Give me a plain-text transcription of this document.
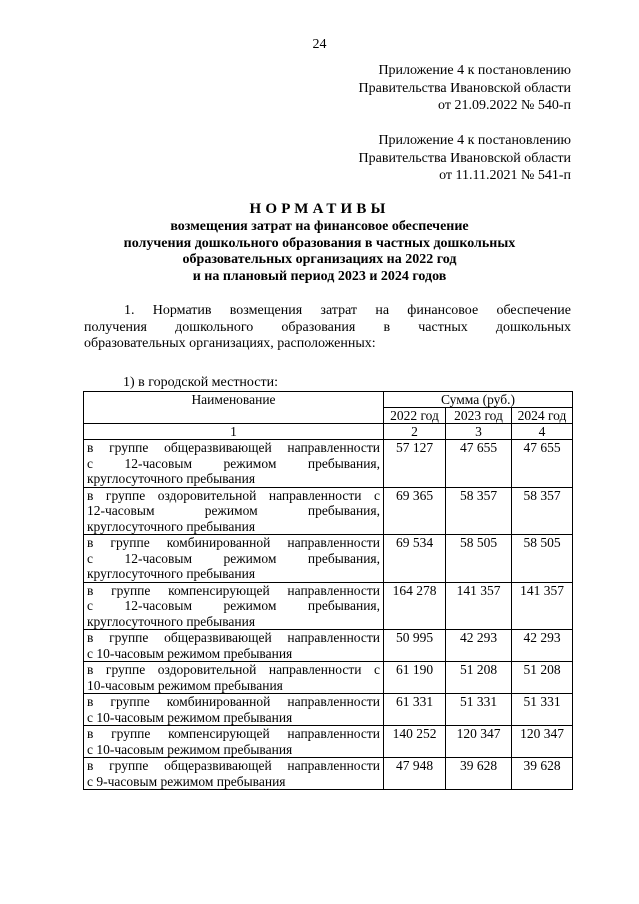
24
Приложение 4 к постановлению
Правительства Ивановской области
от 21.09.2022 № 540-п
Приложение 4 к постановлению
Правительства Ивановской области
от 11.11.2021 № 541-п
НОРМАТИВЫ
возмещения затрат на финансовое обеспечение
получения дошкольного образования в частных дошкольных
образовательных организациях на 2022 год
и на плановый период 2023 и 2024 годов
1. Норматив возмещения затрат на финансовое обеспечение
получения дошкольного образования в частных дошкольных
образовательных организациях, расположенных:
1) в городской местности:
Наименование	Сумма (руб.)		
	2022 год	2023 год	2024 год
1	2	3	4

в группе общеразвивающей направленности
с 12-часовым режимом пребывания,
круглосуточного пребывания	57 127	47 655	47 655

в группе оздоровительной направленности с
12-часовым режимом пребывания,
круглосуточного пребывания	69 365	58 357	58 357

в группе комбинированной направленности
с 12-часовым режимом пребывания,
круглосуточного пребывания	69 534	58 505	58 505

в группе компенсирующей направленности
с 12-часовым режимом пребывания,
круглосуточного пребывания	164 278	141 357	141 357

в группе общеразвивающей направленности
с 10-часовым режимом пребывания	50 995	42 293	42 293

в группе оздоровительной направленности с
10-часовым режимом пребывания	61 190	51 208	51 208

в группе комбинированной направленности
с 10-часовым режимом пребывания	61 331	51 331	51 331

в группе компенсирующей направленности
с 10-часовым режимом пребывания	140 252	120 347	120 347

в группе общеразвивающей направленности
с 9-часовым режимом пребывания	47 948	39 628	39 628
